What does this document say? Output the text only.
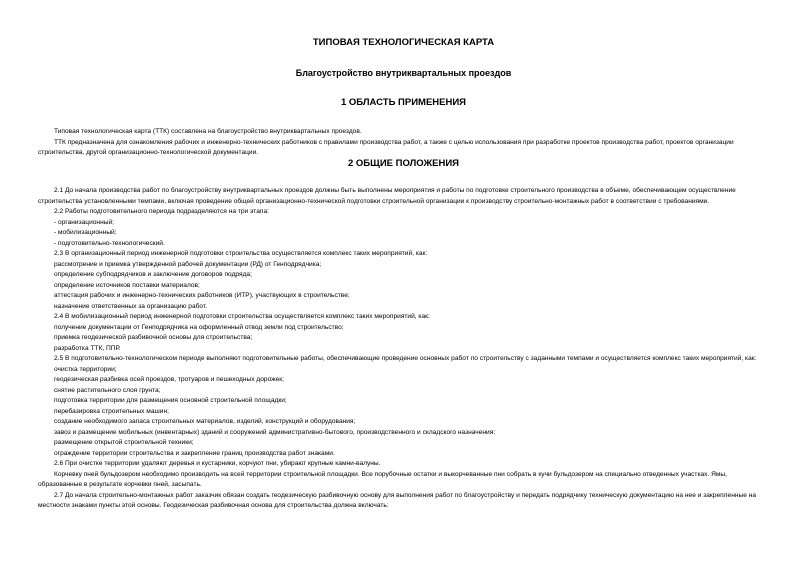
ТИПОВАЯ ТЕХНОЛОГИЧЕСКАЯ КАРТА
Благоустройство внутриквартальных проездов
1 ОБЛАСТЬ ПРИМЕНЕНИЯ

Типовая технологическая карта (ТТК) составлена на благоустройство внутриквартальных проездов.

ТТК предназначена для ознакомления рабочих и инженерно-технических работников с правилами производства работ, а также с целью использования при разработке проектов производства работ, проектов организации строительства, другой организационно-технологической документации.

2 ОБЩИЕ ПОЛОЖЕНИЯ

2.1 До начала производства работ по благоустройству внутриквартальных проездов должны быть выполнены мероприятия и работы по подготовке строительного производства в объеме, обеспечивающем осуществление строительства установленными темпами, включая проведение общей организационно-технической подготовки строительной организации к производству строительно-монтажных работ в соответствии с требованиями.

2.2 Работы подготовительного периода подразделяются на три этапа:

- организационный;

- мобилизационный;

- подготовительно-технологический.

2.3 В организационный период инженерной подготовки строительства осуществляется комплекс таких мероприятий, как:

рассмотрение и приемка утвержденной рабочей документации (РД) от Генподрядчика;

определение субподрядчиков и заключение договоров подряда;

определение источников поставки материалов;

аттестация рабочих и инженерно-технических работников (ИТР), участвующих в строительстве;

назначение ответственных за организацию работ.

2.4 В мобилизационный период инженерной подготовки строительства осуществляется комплекс таких мероприятий, как:

получение документации от Генподрядчика на оформленный отвод земли под строительство;

приемка геодезической разбивочной основы для строительства;

разработка ТТК, ППР.

2.5 В подготовительно-технологическом периоде выполняют подготовительные работы, обеспечивающие проведение основных работ по строительству с заданными темпами и осуществляется комплекс таких мероприятий, как:

очистка территории;

геодезическая разбивка осей проездов, тротуаров и пешеходных дорожек;

снятие растительного слоя грунта;

подготовка территории для размещения основной строительной площадки;

перебазировка строительных машин;

создание необходимого запаса строительных материалов, изделий, конструкций и оборудования;

завоз и размещение мобильных (инвентарных) зданий и сооружений административно-бытового, производственного и складского назначения;

размещение открытой строительной техники;

ограждение территории строительства и закрепление границ производства работ знаками.

2.6 При очистке территории удаляют деревья и кустарники, корчуют пни, убирают крупные камни-валуны.

Корчевку пней бульдозером необходимо производить на всей территории строительной площадки. Все порубочные остатки и выкорчеванные пни собрать в кучи бульдозером на специально отведенных участках. Ямы, образованные в результате корчевки пней, засыпать.

2.7 До начала строительно-монтажных работ заказчик обязан создать геодезическую разбивочную основу для выполнения работ по благоустройству и передать подрядчику техническую документацию на нее и закрепленные на местности знаками пункты этой основы. Геодезическая разбивочная основа для строительства должна включать:
